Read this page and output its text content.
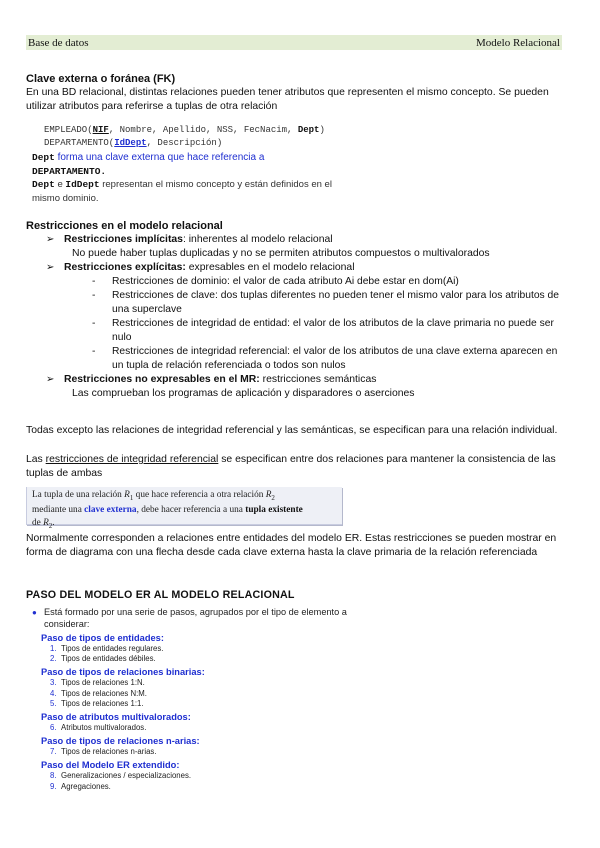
Base de datos	Modelo Relacional
Clave externa o foránea (FK)
En una BD relacional, distintas relaciones pueden tener atributos que representen el mismo concepto. Se pueden utilizar atributos para referirse a tuplas de otra relación
EMPLEADO(NIF, Nombre, Apellido, NSS, FecNacim, Dept)
DEPARTAMENTO(IdDept, Descripción)
Dept forma una clave externa que hace referencia a
DEPARTAMENTO.
Dept e IdDept representan el mismo concepto y están definidos en el
mismo dominio.
Restricciones en el modelo relacional
➢ Restricciones implícitas: inherentes al modelo relacional
No puede haber tuplas duplicadas y no se permiten atributos compuestos o multivalorados
➢ Restricciones explícitas: expresables en el modelo relacional
- Restricciones de dominio: el valor de cada atributo Ai debe estar en dom(Ai)
- Restricciones de clave: dos tuplas diferentes no pueden tener el mismo valor para los atributos de una superclave
- Restricciones de integridad de entidad: el valor de los atributos de la clave primaria no puede ser nulo
- Restricciones de integridad referencial: el valor de los atributos de una clave externa aparecen en un tupla de relación referenciada o todos son nulos
➢ Restricciones no expresables en el MR: restricciones semánticas
Las comprueban los programas de aplicación y disparadores o aserciones
Todas excepto las relaciones de integridad referencial y las semánticas, se especifican para una relación individual.
Las restricciones de integridad referencial se especifican entre dos relaciones para mantener la consistencia de las tuplas de ambas
La tupla de una relación $R_1$ que hace referencia a otra relación $R_2$
mediante una clave externa, debe hacer referencia a una tupla existente
de $R_2$.
Normalmente corresponden a relaciones entre entidades del modelo ER. Estas restricciones se pueden mostrar en forma de diagrama con una flecha desde cada clave externa hasta la clave primaria de la relación referenciada
PASO DEL MODELO ER AL MODELO RELACIONAL
● Está formado por una serie de pasos, agrupados por el tipo de elemento a considerar:
Paso de tipos de entidades:
1. Tipos de entidades regulares.
2. Tipos de entidades débiles.
Paso de tipos de relaciones binarias:
3. Tipos de relaciones 1:N.
4. Tipos de relaciones N:M.
5. Tipos de relaciones 1:1.
Paso de atributos multivalorados:
6. Atributos multivalorados.
Paso de tipos de relaciones n-arias:
7. Tipos de relaciones n-arias.
Paso del Modelo ER extendido:
8. Generalizaciones / especializaciones.
9. Agregaciones.
